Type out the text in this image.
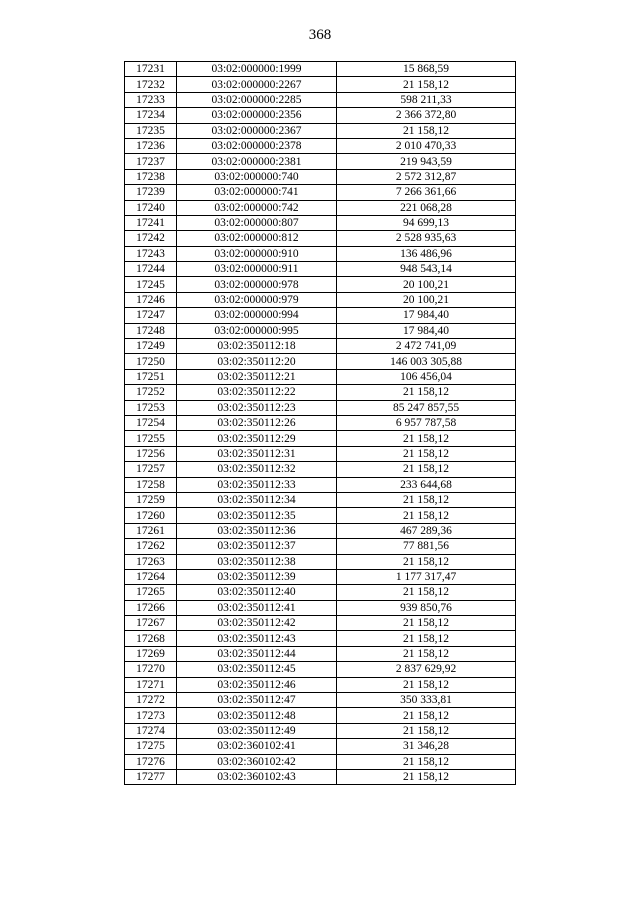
368
17231	03:02:000000:1999	15 868,59
17232	03:02:000000:2267	21 158,12
17233	03:02:000000:2285	598 211,33
17234	03:02:000000:2356	2 366 372,80
17235	03:02:000000:2367	21 158,12
17236	03:02:000000:2378	2 010 470,33
17237	03:02:000000:2381	219 943,59
17238	03:02:000000:740	2 572 312,87
17239	03:02:000000:741	7 266 361,66
17240	03:02:000000:742	221 068,28
17241	03:02:000000:807	94 699,13
17242	03:02:000000:812	2 528 935,63
17243	03:02:000000:910	136 486,96
17244	03:02:000000:911	948 543,14
17245	03:02:000000:978	20 100,21
17246	03:02:000000:979	20 100,21
17247	03:02:000000:994	17 984,40
17248	03:02:000000:995	17 984,40
17249	03:02:350112:18	2 472 741,09
17250	03:02:350112:20	146 003 305,88
17251	03:02:350112:21	106 456,04
17252	03:02:350112:22	21 158,12
17253	03:02:350112:23	85 247 857,55
17254	03:02:350112:26	6 957 787,58
17255	03:02:350112:29	21 158,12
17256	03:02:350112:31	21 158,12
17257	03:02:350112:32	21 158,12
17258	03:02:350112:33	233 644,68
17259	03:02:350112:34	21 158,12
17260	03:02:350112:35	21 158,12
17261	03:02:350112:36	467 289,36
17262	03:02:350112:37	77 881,56
17263	03:02:350112:38	21 158,12
17264	03:02:350112:39	1 177 317,47
17265	03:02:350112:40	21 158,12
17266	03:02:350112:41	939 850,76
17267	03:02:350112:42	21 158,12
17268	03:02:350112:43	21 158,12
17269	03:02:350112:44	21 158,12
17270	03:02:350112:45	2 837 629,92
17271	03:02:350112:46	21 158,12
17272	03:02:350112:47	350 333,81
17273	03:02:350112:48	21 158,12
17274	03:02:350112:49	21 158,12
17275	03:02:360102:41	31 346,28
17276	03:02:360102:42	21 158,12
17277	03:02:360102:43	21 158,12
